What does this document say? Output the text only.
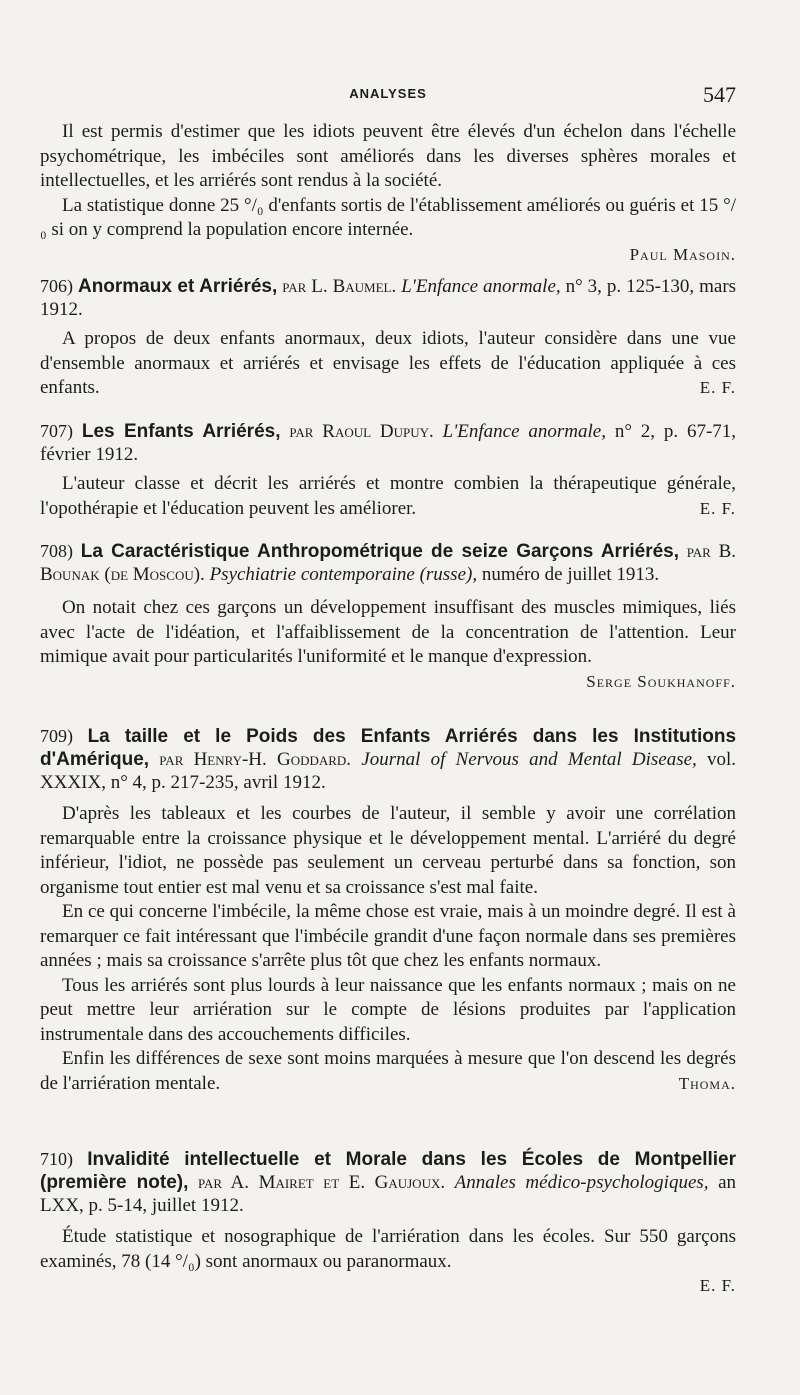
ANALYSES	547

Il est permis d'estimer que les idiots peuvent être élevés d'un échelon dans l'échelle psychométrique, les imbéciles sont améliorés dans les diverses sphères morales et intellectuelles, et les arriérés sont rendus à la société.

La statistique donne 25 °/₀ d'enfants sortis de l'établissement améliorés ou guéris et 15 °/₀ si on y comprend la population encore internée.

Paul Masoin.

706) Anormaux et Arriérés, par L. Baumel. L'Enfance anormale, n° 3, p. 125-130, mars 1912.

A propos de deux enfants anormaux, deux idiots, l'auteur considère dans une vue d'ensemble anormaux et arriérés et envisage les effets de l'éducation appliquée à ces enfants.	E. F.

707) Les Enfants Arriérés, par Raoul Dupuy. L'Enfance anormale, n° 2, p. 67-71, février 1912.

L'auteur classe et décrit les arriérés et montre combien la thérapeutique générale, l'opothérapie et l'éducation peuvent les améliorer.	E. F.

708) La Caractéristique Anthropométrique de seize Garçons Arriérés, par B. Bounak (de Moscou). Psychiatrie contemporaine (russe), numéro de juillet 1913.

On notait chez ces garçons un développement insuffisant des muscles mimiques, liés avec l'acte de l'idéation, et l'affaiblissement de la concentration de l'attention. Leur mimique avait pour particularités l'uniformité et le manque d'expression.

Serge Soukhanoff.

709) La taille et le Poids des Enfants Arriérés dans les Institutions d'Amérique, par Henry-H. Goddard. Journal of Nervous and Mental Disease, vol. XXXIX, n° 4, p. 217-235, avril 1912.

D'après les tableaux et les courbes de l'auteur, il semble y avoir une corrélation remarquable entre la croissance physique et le développement mental. L'arriéré du degré inférieur, l'idiot, ne possède pas seulement un cerveau perturbé dans sa fonction, son organisme tout entier est mal venu et sa croissance s'est mal faite.

En ce qui concerne l'imbécile, la même chose est vraie, mais à un moindre degré. Il est à remarquer ce fait intéressant que l'imbécile grandit d'une façon normale dans ses premières années ; mais sa croissance s'arrête plus tôt que chez les enfants normaux.

Tous les arriérés sont plus lourds à leur naissance que les enfants normaux ; mais on ne peut mettre leur arriération sur le compte de lésions produites par l'application instrumentale dans des accouchements difficiles.

Enfin les différences de sexe sont moins marquées à mesure que l'on descend les degrés de l'arriération mentale.	Thoma.

710) Invalidité intellectuelle et Morale dans les Écoles de Montpellier (première note), par A. Mairet et E. Gaujoux. Annales médico-psychologiques, an LXX, p. 5-14, juillet 1912.

Étude statistique et nosographique de l'arriération dans les écoles. Sur 550 garçons examinés, 78 (14 °/₀) sont anormaux ou paranormaux.

E. F.
